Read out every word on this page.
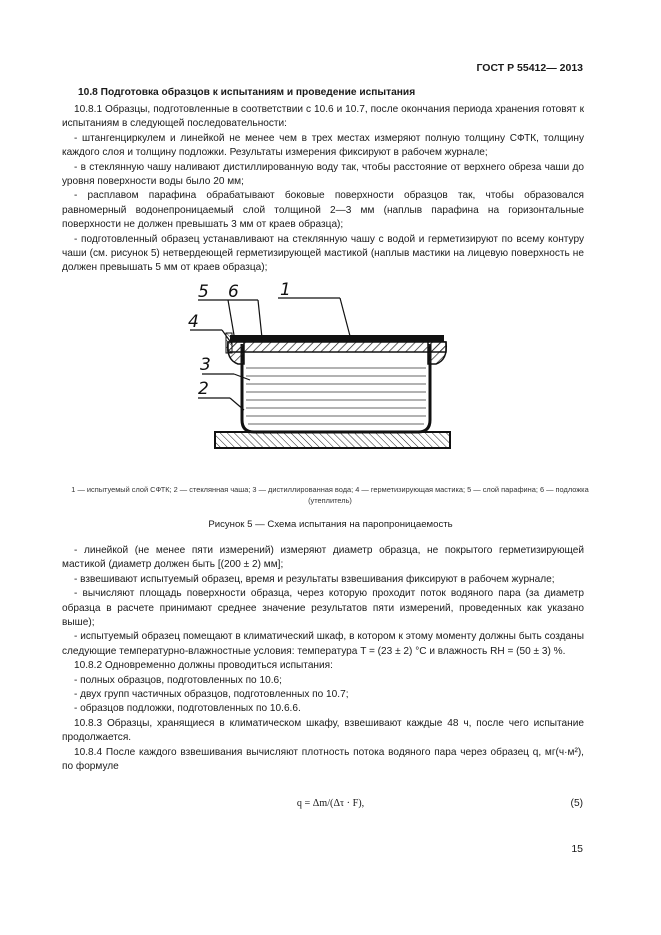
ГОСТ Р 55412— 2013
10.8 Подготовка образцов к испытаниям и проведение испытания

10.8.1 Образцы, подготовленные в соответствии с 10.6 и 10.7, после окончания периода хранения готовят к испытаниям в следующей последовательности:

- штангенциркулем и линейкой не менее чем в трех местах измеряют полную толщину СФТК, толщину каждого слоя и толщину подложки. Результаты измерения фиксируют в рабочем журнале;

- в стеклянную чашу наливают дистиллированную воду так, чтобы расстояние от верхнего обреза чаши до уровня поверхности воды было 20 мм;

- расплавом парафина обрабатывают боковые поверхности образцов так, чтобы образовался равномерный водонепроницаемый слой толщиной 2—3 мм (наплыв парафина на горизонтальные поверхности не должен превышать 3 мм от краев образца);

- подготовленный образец устанавливают на стеклянную чашу с водой и герметизируют по всему контуру чаши (см. рисунок 5) нетвердеющей герметизирующей мастикой (наплыв мастики на лицевую поверхность не должен превышать 5 мм от краев образца);

5 6 1
4
3
2
1 — испытуемый слой СФТК; 2 — стеклянная чаша; 3 — дистиллированная вода; 4 — герметизирующая мастика; 5 — слой парафина; 6 — подложка (утеплитель)
Рисунок 5 — Схема испытания на паропроницаемость

- линейкой (не менее пяти измерений) измеряют диаметр образца, не покрытого герметизирующей мастикой (диаметр должен быть [(200 ± 2) мм];

- взвешивают испытуемый образец, время и результаты взвешивания фиксируют в рабочем журнале;

- вычисляют площадь поверхности образца, через которую проходит поток водяного пара (за диаметр образца в расчете принимают среднее значение результатов пяти измерений, проведенных как указано выше);

- испытуемый образец помещают в климатический шкаф, в котором к этому моменту должны быть созданы следующие температурно-влажностные условия: температура T = (23 ± 2) °C и влажность RH = (50 ± 3) %.

10.8.2 Одновременно должны проводиться испытания:

- полных образцов, подготовленных по 10.6;

- двух групп частичных образцов, подготовленных по 10.7;

- образцов подложки, подготовленных по 10.6.6.

10.8.3 Образцы, хранящиеся в климатическом шкафу, взвешивают каждые 48 ч, после чего испытание продолжается.

10.8.4 После каждого взвешивания вычисляют плотность потока водяного пара через образец q, мг(ч·м²), по формуле

q = Δm/(Δτ · F),	(5)
15
